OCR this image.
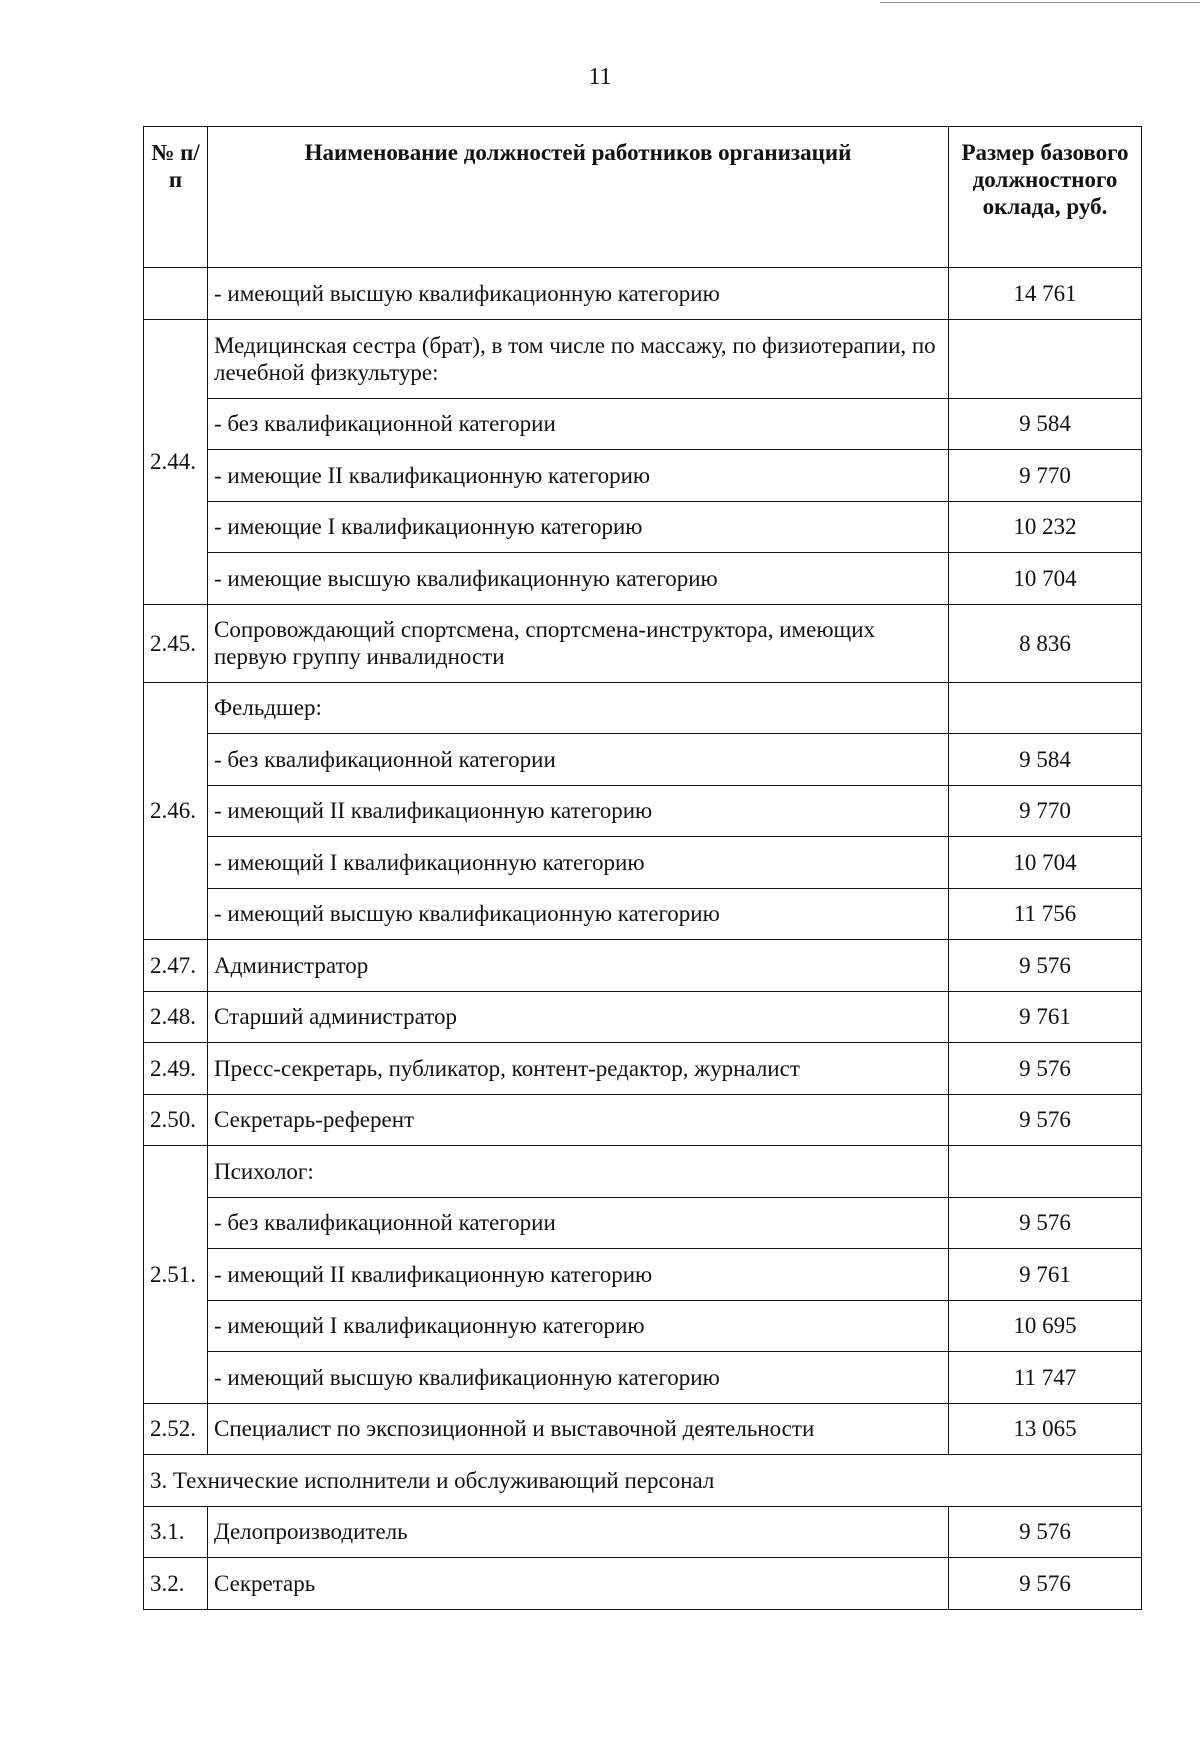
11
№ п/п	Наименование должностей работников организаций	Размер базового должностного оклада, руб.
	- имеющий высшую квалификационную категорию	14 761
2.44.	Медицинская сестра (брат), в том числе по массажу, по физиотерапии, по лечебной физкультуре:	
	- без квалификационной категории	9 584
	- имеющие II квалификационную категорию	9 770
	- имеющие I квалификационную категорию	10 232
	- имеющие высшую квалификационную категорию	10 704
2.45.	Сопровождающий спортсмена, спортсмена-инструктора, имеющих первую группу инвалидности	8 836
2.46.	Фельдшер:	
	- без квалификационной категории	9 584
	- имеющий II квалификационную категорию	9 770
	- имеющий I квалификационную категорию	10 704
	- имеющий высшую квалификационную категорию	11 756
2.47.	Администратор	9 576
2.48.	Старший администратор	9 761
2.49.	Пресс-секретарь, публикатор, контент-редактор, журналист	9 576
2.50.	Секретарь-референт	9 576
2.51.	Психолог:	
	- без квалификационной категории	9 576
	- имеющий II квалификационную категорию	9 761
	- имеющий I квалификационную категорию	10 695
	- имеющий высшую квалификационную категорию	11 747
2.52.	Специалист по экспозиционной и выставочной деятельности	13 065
3. Технические исполнители и обслуживающий персонал		
3.1.	Делопроизводитель	9 576
3.2.	Секретарь	9 576
